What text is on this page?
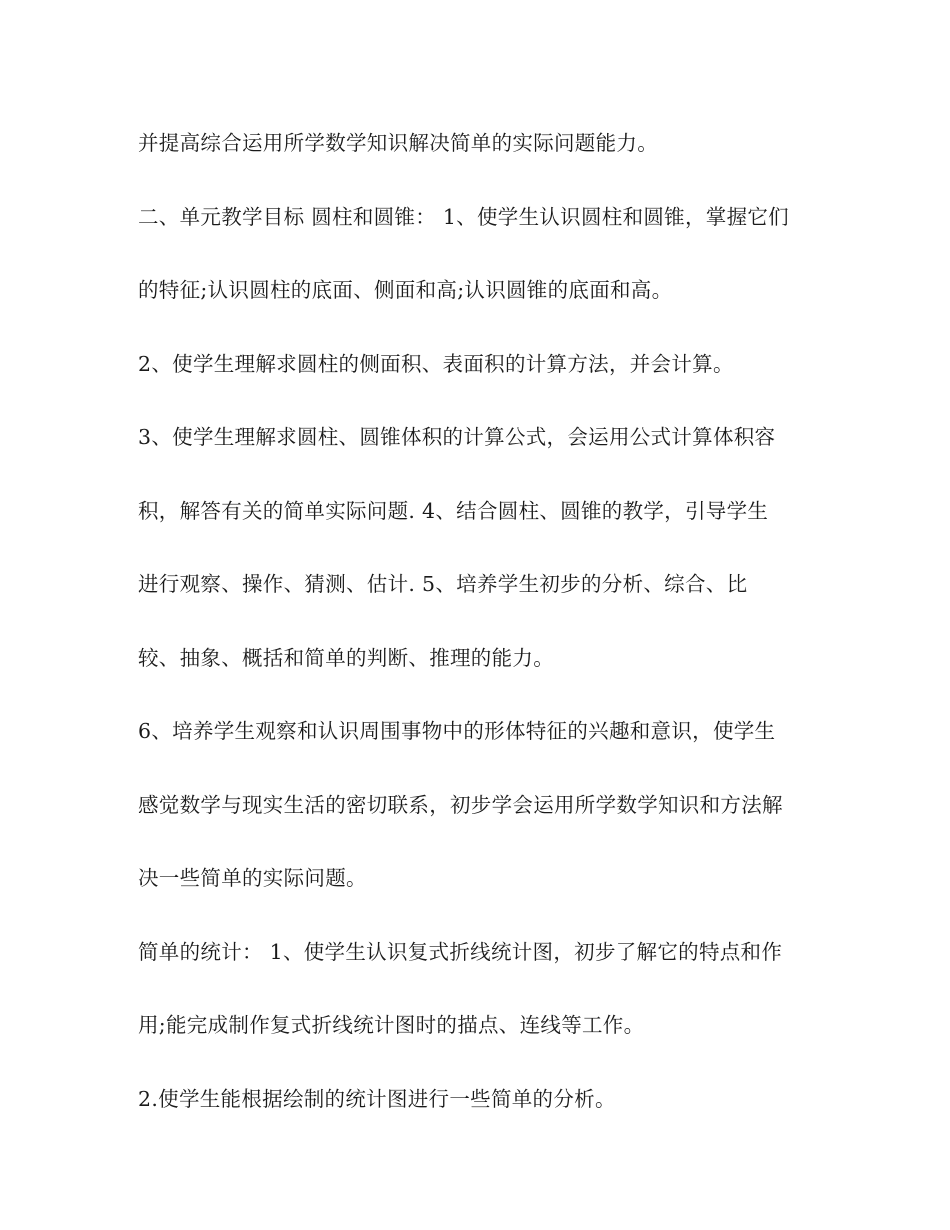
并提高综合运用所学数学知识解决简单的实际问题能力。

二、单元教学目标 圆柱和圆锥： 1、使学生认识圆柱和圆锥，掌握它们

的特征;认识圆柱的底面、侧面和高;认识圆锥的底面和高。

2、使学生理解求圆柱的侧面积、表面积的计算方法，并会计算。

3、使学生理解求圆柱、圆锥体积的计算公式，会运用公式计算体积容

积，解答有关的简单实际问题. 4、结合圆柱、圆锥的教学，引导学生

进行观察、操作、猜测、估计. 5、培养学生初步的分析、综合、比

较、抽象、概括和简单的判断、推理的能力。

6、培养学生观察和认识周围事物中的形体特征的兴趣和意识，使学生

感觉数学与现实生活的密切联系，初步学会运用所学数学知识和方法解

决一些简单的实际问题。

简单的统计： 1、使学生认识复式折线统计图，初步了解它的特点和作

用;能完成制作复式折线统计图时的描点、连线等工作。

2.使学生能根据绘制的统计图进行一些简单的分析。
